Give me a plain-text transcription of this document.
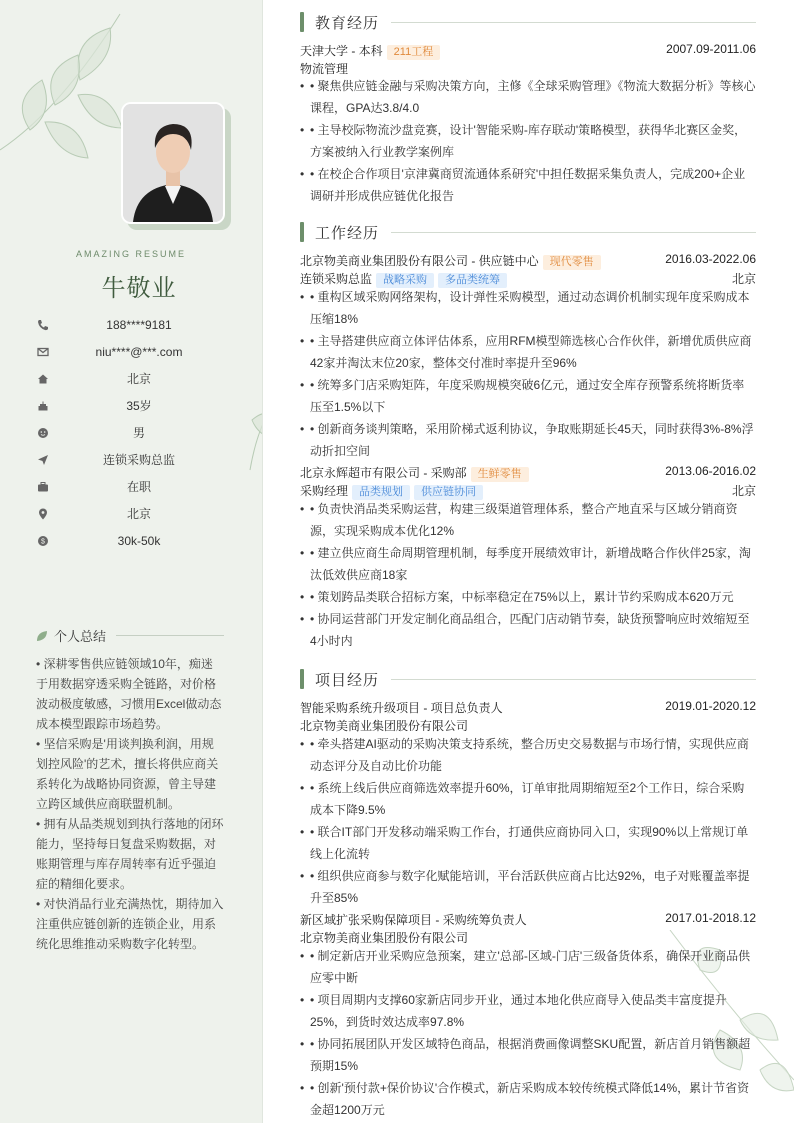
AMAZING RESUME
牛敬业
188****9181
niu****@***.com
北京
35岁
男
连锁采购总监
在职
北京
$	30k-50k
个人总结

• 深耕零售供应链领域10年，痴迷于用数据穿透采购全链路，对价格波动极度敏感，习惯用Excel做动态成本模型跟踪市场趋势。

• 坚信采购是'用谈判换利润，用规划控风险'的艺术，擅长将供应商关系转化为战略协同资源，曾主导建立跨区域供应商联盟机制。

• 拥有从品类规划到执行落地的闭环能力，坚持每日复盘采购数据，对账期管理与库存周转率有近乎强迫症的精细化要求。

• 对快消品行业充满热忱，期待加入注重供应链创新的连锁企业，用系统化思维推动采购数字化转型。

教育经历
天津大学 - 本科 211工程	2007.09-2011.06
物流管理
• • 聚焦供应链金融与采购决策方向，主修《全球采购管理》《物流大数据分析》等核心课程，GPA达3.8/4.0
• • 主导校际物流沙盘竞赛，设计'智能采购-库存联动'策略模型，获得华北赛区金奖，方案被纳入行业教学案例库
• • 在校企合作项目'京津冀商贸流通体系研究'中担任数据采集负责人，完成200+企业调研并形成供应链优化报告
工作经历
北京物美商业集团股份有限公司 - 供应链中心 现代零售	2016.03-2022.06
连锁采购总监 战略采购 多品类统筹	北京
• • 重构区域采购网络架构，设计弹性采购模型，通过动态调价机制实现年度采购成本压缩18%
• • 主导搭建供应商立体评估体系，应用RFM模型筛选核心合作伙伴，新增优质供应商42家并淘汰末位20家，整体交付准时率提升至96%
• • 统筹多门店采购矩阵，年度采购规模突破6亿元，通过安全库存预警系统将断货率压至1.5%以下
• • 创新商务谈判策略，采用阶梯式返利协议，争取账期延长45天，同时获得3%-8%浮动折扣空间
北京永辉超市有限公司 - 采购部 生鲜零售	2013.06-2016.02
采购经理 品类规划 供应链协同	北京
• • 负责快消品类采购运营，构建三级渠道管理体系，整合产地直采与区域分销商资源，实现采购成本优化12%
• • 建立供应商生命周期管理机制，每季度开展绩效审计，新增战略合作伙伴25家，淘汰低效供应商18家
• • 策划跨品类联合招标方案，中标率稳定在75%以上，累计节约采购成本620万元
• • 协同运营部门开发定制化商品组合，匹配门店动销节奏，缺货预警响应时效缩短至4小时内
项目经历
智能采购系统升级项目 - 项目总负责人	2019.01-2020.12
北京物美商业集团股份有限公司
• • 牵头搭建AI驱动的采购决策支持系统，整合历史交易数据与市场行情，实现供应商动态评分及自动比价功能
• • 系统上线后供应商筛选效率提升60%，订单审批周期缩短至2个工作日，综合采购成本下降9.5%
• • 联合IT部门开发移动端采购工作台，打通供应商协同入口，实现90%以上常规订单线上化流转
• • 组织供应商参与数字化赋能培训，平台活跃供应商占比达92%，电子对账覆盖率提升至85%
新区域扩张采购保障项目 - 采购统筹负责人	2017.01-2018.12
北京物美商业集团股份有限公司
• • 制定新店开业采购应急预案，建立'总部-区域-门店'三级备货体系，确保开业商品供应零中断
• • 项目周期内支撑60家新店同步开业，通过本地化供应商导入使品类丰富度提升25%，到货时效达成率97.8%
• • 协同拓展团队开发区域特色商品，根据消费画像调整SKU配置，新店首月销售额超预期15%
• • 创新'预付款+保价协议'合作模式，新店采购成本较传统模式降低14%，累计节省资金超1200万元
